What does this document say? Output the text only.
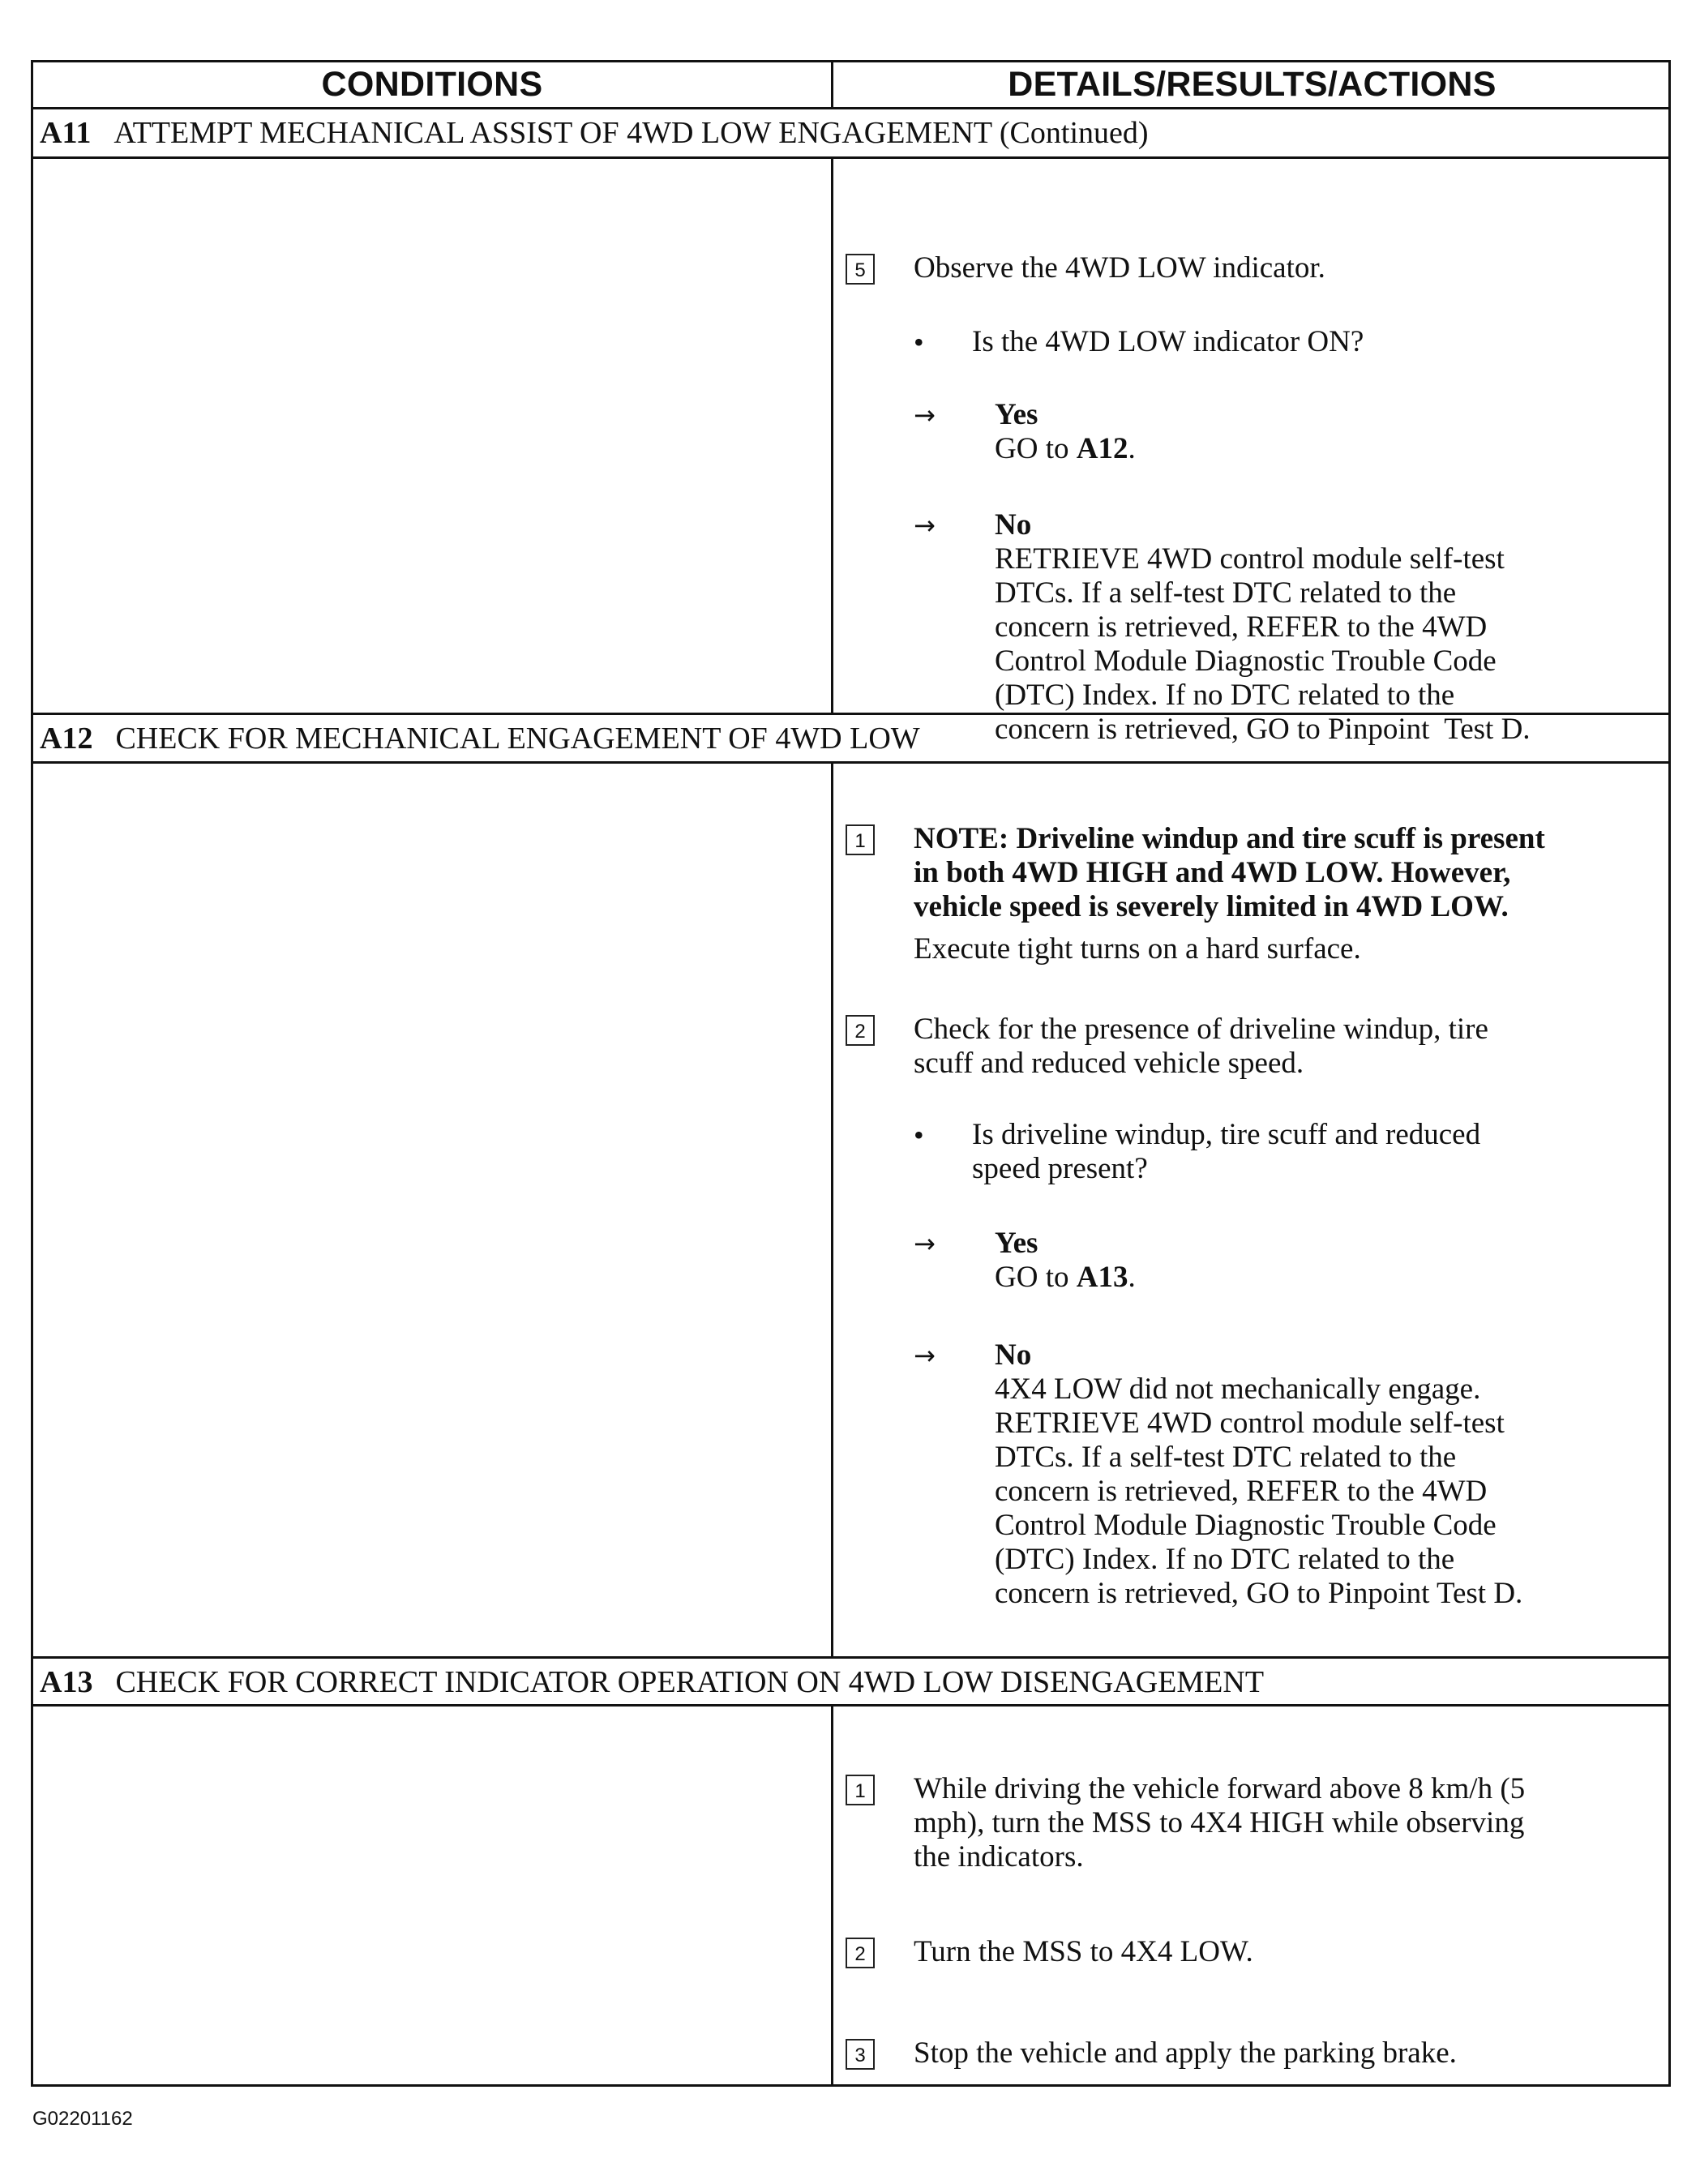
CONDITIONS	DETAILS/RESULTS/ACTIONS
A11 ATTEMPT MECHANICAL ASSIST OF 4WD LOW ENGAGEMENT (Continued)
5	Observe the 4WD LOW indicator.
• Is the 4WD LOW indicator ON?
→ Yes
GO to A12.
→ No
RETRIEVE 4WD control module self-test
DTCs. If a self-test DTC related to the
concern is retrieved, REFER to the 4WD
Control Module Diagnostic Trouble Code
(DTC) Index. If no DTC related to the
concern is retrieved, GO to Pinpoint  Test D.
A12 CHECK FOR MECHANICAL ENGAGEMENT OF 4WD LOW
1	NOTE: Driveline windup and tire scuff is present
in both 4WD HIGH and 4WD LOW. However,
vehicle speed is severely limited in 4WD LOW.
Execute tight turns on a hard surface.
2	Check for the presence of driveline windup, tire
scuff and reduced vehicle speed.
• Is driveline windup, tire scuff and reduced
speed present?
→ Yes
GO to A13.
→ No
4X4 LOW did not mechanically engage.
RETRIEVE 4WD control module self-test
DTCs. If a self-test DTC related to the
concern is retrieved, REFER to the 4WD
Control Module Diagnostic Trouble Code
(DTC) Index. If no DTC related to the
concern is retrieved, GO to Pinpoint Test D.
A13 CHECK FOR CORRECT INDICATOR OPERATION ON 4WD LOW DISENGAGEMENT
1	While driving the vehicle forward above 8 km/h (5
mph), turn the MSS to 4X4 HIGH while observing
the indicators.
2	Turn the MSS to 4X4 LOW.
3	Stop the vehicle and apply the parking brake.
G02201162
